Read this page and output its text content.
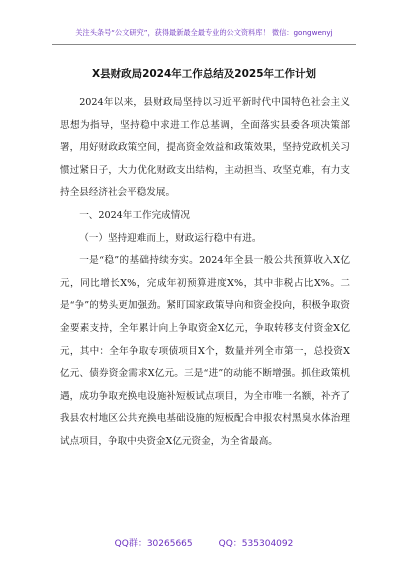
关注头条号“公文研究”，获得最新最全最专业的公文资料库！ 微信：gongwenyj
X县财政局2024年工作总结及2025年工作计划

2024年以来，县财政局坚持以习近平新时代中国特色社会主义思想为指导，坚持稳中求进工作总基调，全面落实县委各项决策部署，用好财政政策空间，提高资金效益和政策效果，坚持党政机关习惯过紧日子，大力优化财政支出结构，主动担当、攻坚克难，有力支持全县经济社会平稳发展。

一、2024年工作完成情况

（一）坚持迎难而上，财政运行稳中有进。

一是“稳”的基础持续夯实。2024年全县一般公共预算收入X亿元，同比增长X%，完成年初预算进度X%，其中非税占比X%。二是“争”的势头更加强劲。紧盯国家政策导向和资金投向，积极争取资金要素支持，全年累计向上争取资金X亿元，争取转移支付资金X亿元，其中：全年争取专项债项目X个，数量并列全市第一，总投资X亿元、债券资金需求X亿元。三是“进”的动能不断增强。抓住政策机遇，成功争取充换电设施补短板试点项目，为全市唯一名额，补齐了我县农村地区公共充换电基础设施的短板配合申报农村黑臭水体治理试点项目，争取中央资金X亿元资金，为全省最高。

QQ群：30265665	QQ：535304092
